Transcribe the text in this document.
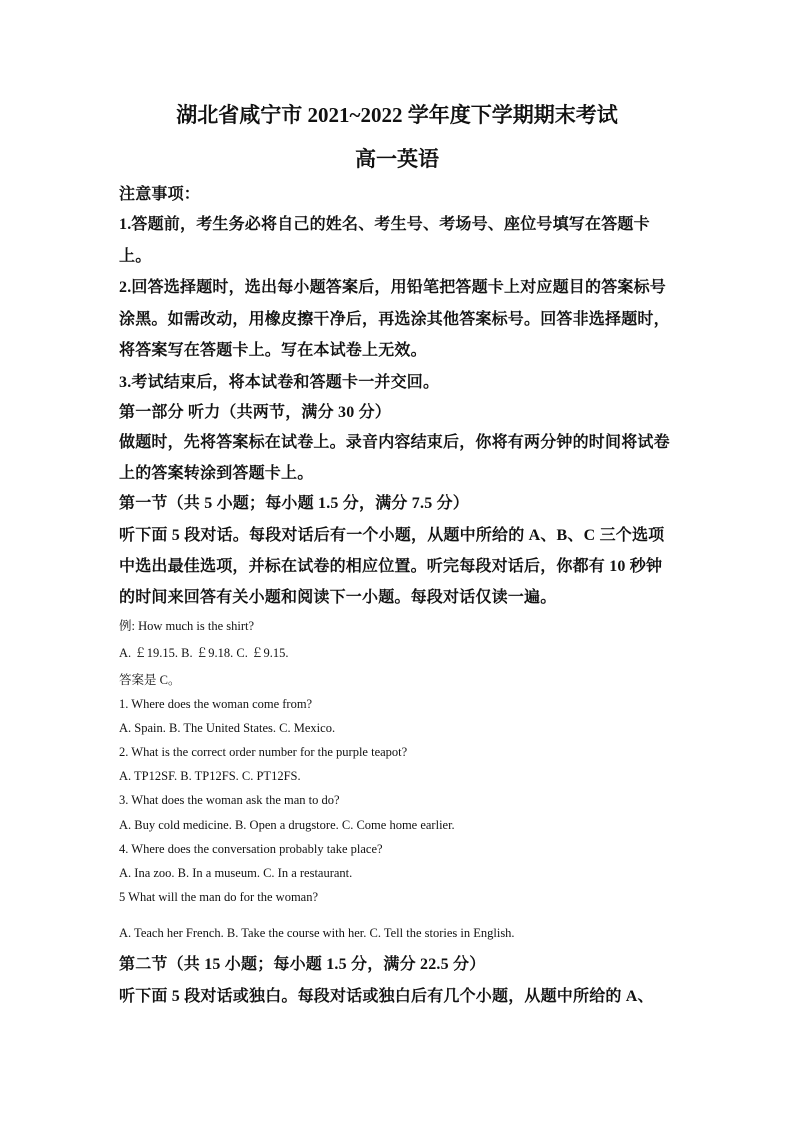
湖北省咸宁市 2021~2022 学年度下学期期末考试
高一英语
注意事项：
1.答题前，考生务必将自己的姓名、考生号、考场号、座位号填写在答题卡
上。
2.回答选择题时，选出每小题答案后，用铅笔把答题卡上对应题目的答案标号
涂黑。如需改动，用橡皮擦干净后，再选涂其他答案标号。回答非选择题时，
将答案写在答题卡上。写在本试卷上无效。
3.考试结束后，将本试卷和答题卡一并交回。
第一部分 听力（共两节，满分 30 分）
做题时，先将答案标在试卷上。录音内容结束后，你将有两分钟的时间将试卷
上的答案转涂到答题卡上。
第一节（共 5 小题；每小题 1.5 分，满分 7.5 分）
听下面 5 段对话。每段对话后有一个小题，从题中所给的 A、B、C 三个选项
中选出最佳选项，并标在试卷的相应位置。听完每段对话后，你都有 10 秒钟
的时间来回答有关小题和阅读下一小题。每段对话仅读一遍。
例: How much is the shirt?
A. ￡19.15. B. ￡9.18. C. ￡9.15.
答案是 C。
1. Where does the woman come from?
A. Spain. B. The United States. C. Mexico.
2. What is the correct order number for the purple teapot?
A. TP12SF. B. TP12FS. C. PT12FS.
3. What does the woman ask the man to do?
A. Buy cold medicine. B. Open a drugstore. C. Come home earlier.
4. Where does the conversation probably take place?
A. Ina zoo. B. In a museum. C. In a restaurant.
5 What will the man do for the woman?
A. Teach her French. B. Take the course with her. C. Tell the stories in English.
第二节（共 15 小题；每小题 1.5 分，满分 22.5 分）
听下面 5 段对话或独白。每段对话或独白后有几个小题，从题中所给的 A、
